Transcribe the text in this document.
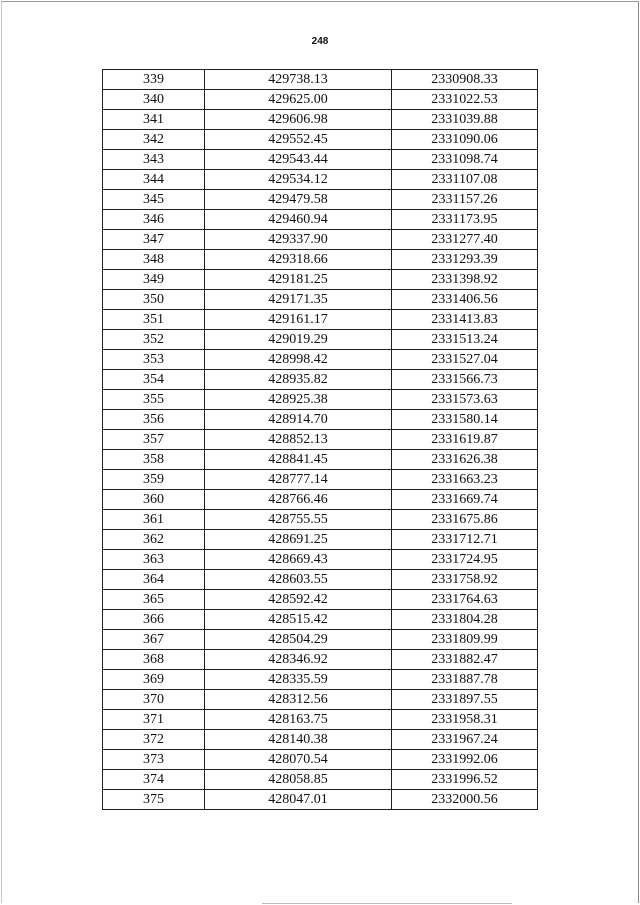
248
339	429738.13	2330908.33
340	429625.00	2331022.53
341	429606.98	2331039.88
342	429552.45	2331090.06
343	429543.44	2331098.74
344	429534.12	2331107.08
345	429479.58	2331157.26
346	429460.94	2331173.95
347	429337.90	2331277.40
348	429318.66	2331293.39
349	429181.25	2331398.92
350	429171.35	2331406.56
351	429161.17	2331413.83
352	429019.29	2331513.24
353	428998.42	2331527.04
354	428935.82	2331566.73
355	428925.38	2331573.63
356	428914.70	2331580.14
357	428852.13	2331619.87
358	428841.45	2331626.38
359	428777.14	2331663.23
360	428766.46	2331669.74
361	428755.55	2331675.86
362	428691.25	2331712.71
363	428669.43	2331724.95
364	428603.55	2331758.92
365	428592.42	2331764.63
366	428515.42	2331804.28
367	428504.29	2331809.99
368	428346.92	2331882.47
369	428335.59	2331887.78
370	428312.56	2331897.55
371	428163.75	2331958.31
372	428140.38	2331967.24
373	428070.54	2331992.06
374	428058.85	2331996.52
375	428047.01	2332000.56
